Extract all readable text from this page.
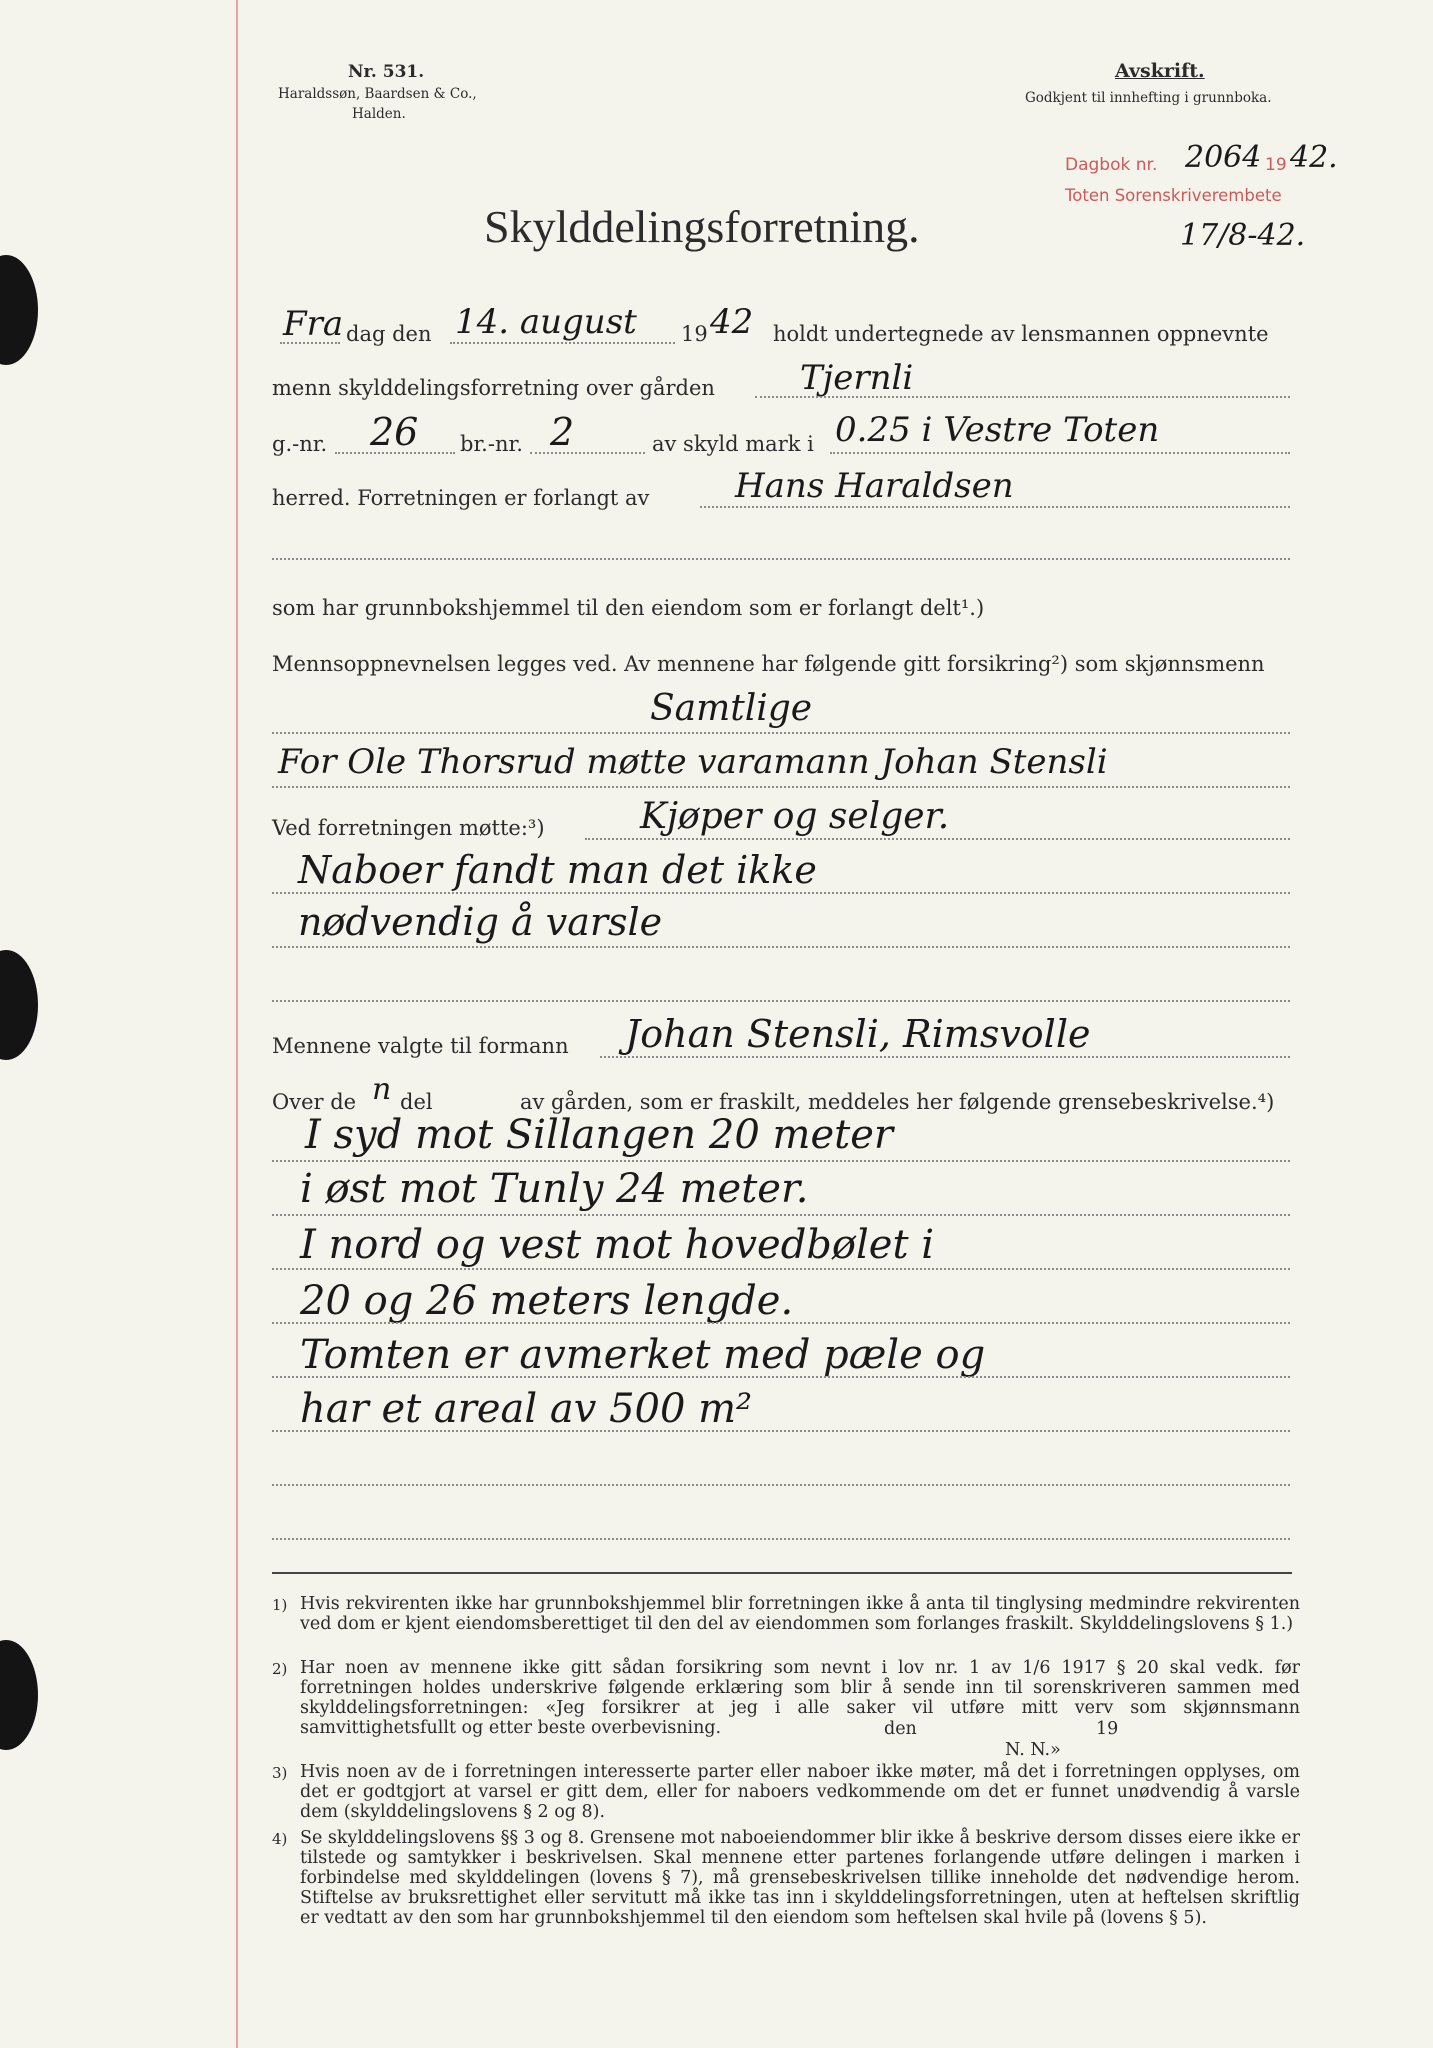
Nr. 531.
Haraldssøn, Baardsen & Co.,
Halden.
Avskrift.
Godkjent til innhefting i grunnboka.
Dagbok nr. 2064 19 42.
Toten Sorenskriverembete
17/8-42.
Skylddelingsforretning.
Fra dag den 14. august 19 42 holdt undertegnede av lensmannen oppnevnte
menn skylddelingsforretning over gården	Tjernli
g.-nr. 26 br.-nr. 2	av skyld mark i 0.25 i Vestre Toten
herred. Forretningen er forlangt av	Hans Haraldsen
som har grunnbokshjemmel til den eiendom som er forlangt delt¹.)
Mennsoppnevnelsen legges ved. Av mennene har følgende gitt forsikring²) som skjønnsmenn
Samtlige
For Ole Thorsrud møtte varamann Johan Stensli
Ved forretningen møtte:³)	Kjøper og selger.
Naboer fandt man det ikke
nødvendig å varsle
Mennene valgte til formann Johan Stensli, Rimsvolle
Over de n del	av gården, som er fraskilt, meddeles her følgende grensebeskrivelse.⁴)
I syd mot Sillangen 20 meter
i øst mot Tunly 24 meter.
I nord og vest mot hovedbølet i
20 og 26 meters lengde.
Tomten er avmerket med pæle og
har et areal av 500 m²
1) Hvis rekvirenten ikke har grunnbokshjemmel blir forretningen ikke å anta til tinglysing medmindre rekvirenten ved dom er kjent eiendomsberettiget til den del av eiendommen som forlanges fraskilt. Skylddelingslovens § 1.)
2) Har noen av mennene ikke gitt sådan forsikring som nevnt i lov nr. 1 av 1/6 1917 § 20 skal vedk. før forretningen holdes underskrive følgende erklæring som blir å sende inn til sorenskriveren sammen med skylddelingsforretningen: «Jeg forsikrer at jeg i alle saker vil utføre mitt verv som skjønnsmann samvittighetsfullt og etter beste overbevisning.	den	19
N. N.»
3) Hvis noen av de i forretningen interesserte parter eller naboer ikke møter, må det i forretningen opplyses, om det er godtgjort at varsel er gitt dem, eller for naboers vedkommende om det er funnet unødvendig å varsle dem (skylddelingslovens § 2 og 8).
4) Se skylddelingslovens §§ 3 og 8. Grensene mot naboeiendommer blir ikke å beskrive dersom disses eiere ikke er tilstede og samtykker i beskrivelsen. Skal mennene etter partenes forlangende utføre delingen i marken i forbindelse med skylddelingen (lovens § 7), må grensebeskrivelsen tillike inneholde det nødvendige herom. Stiftelse av bruksrettighet eller servitutt må ikke tas inn i skylddelingsforretningen, uten at heftelsen skriftlig er vedtatt av den som har grunnbokshjemmel til den eiendom som heftelsen skal hvile på (lovens § 5).
